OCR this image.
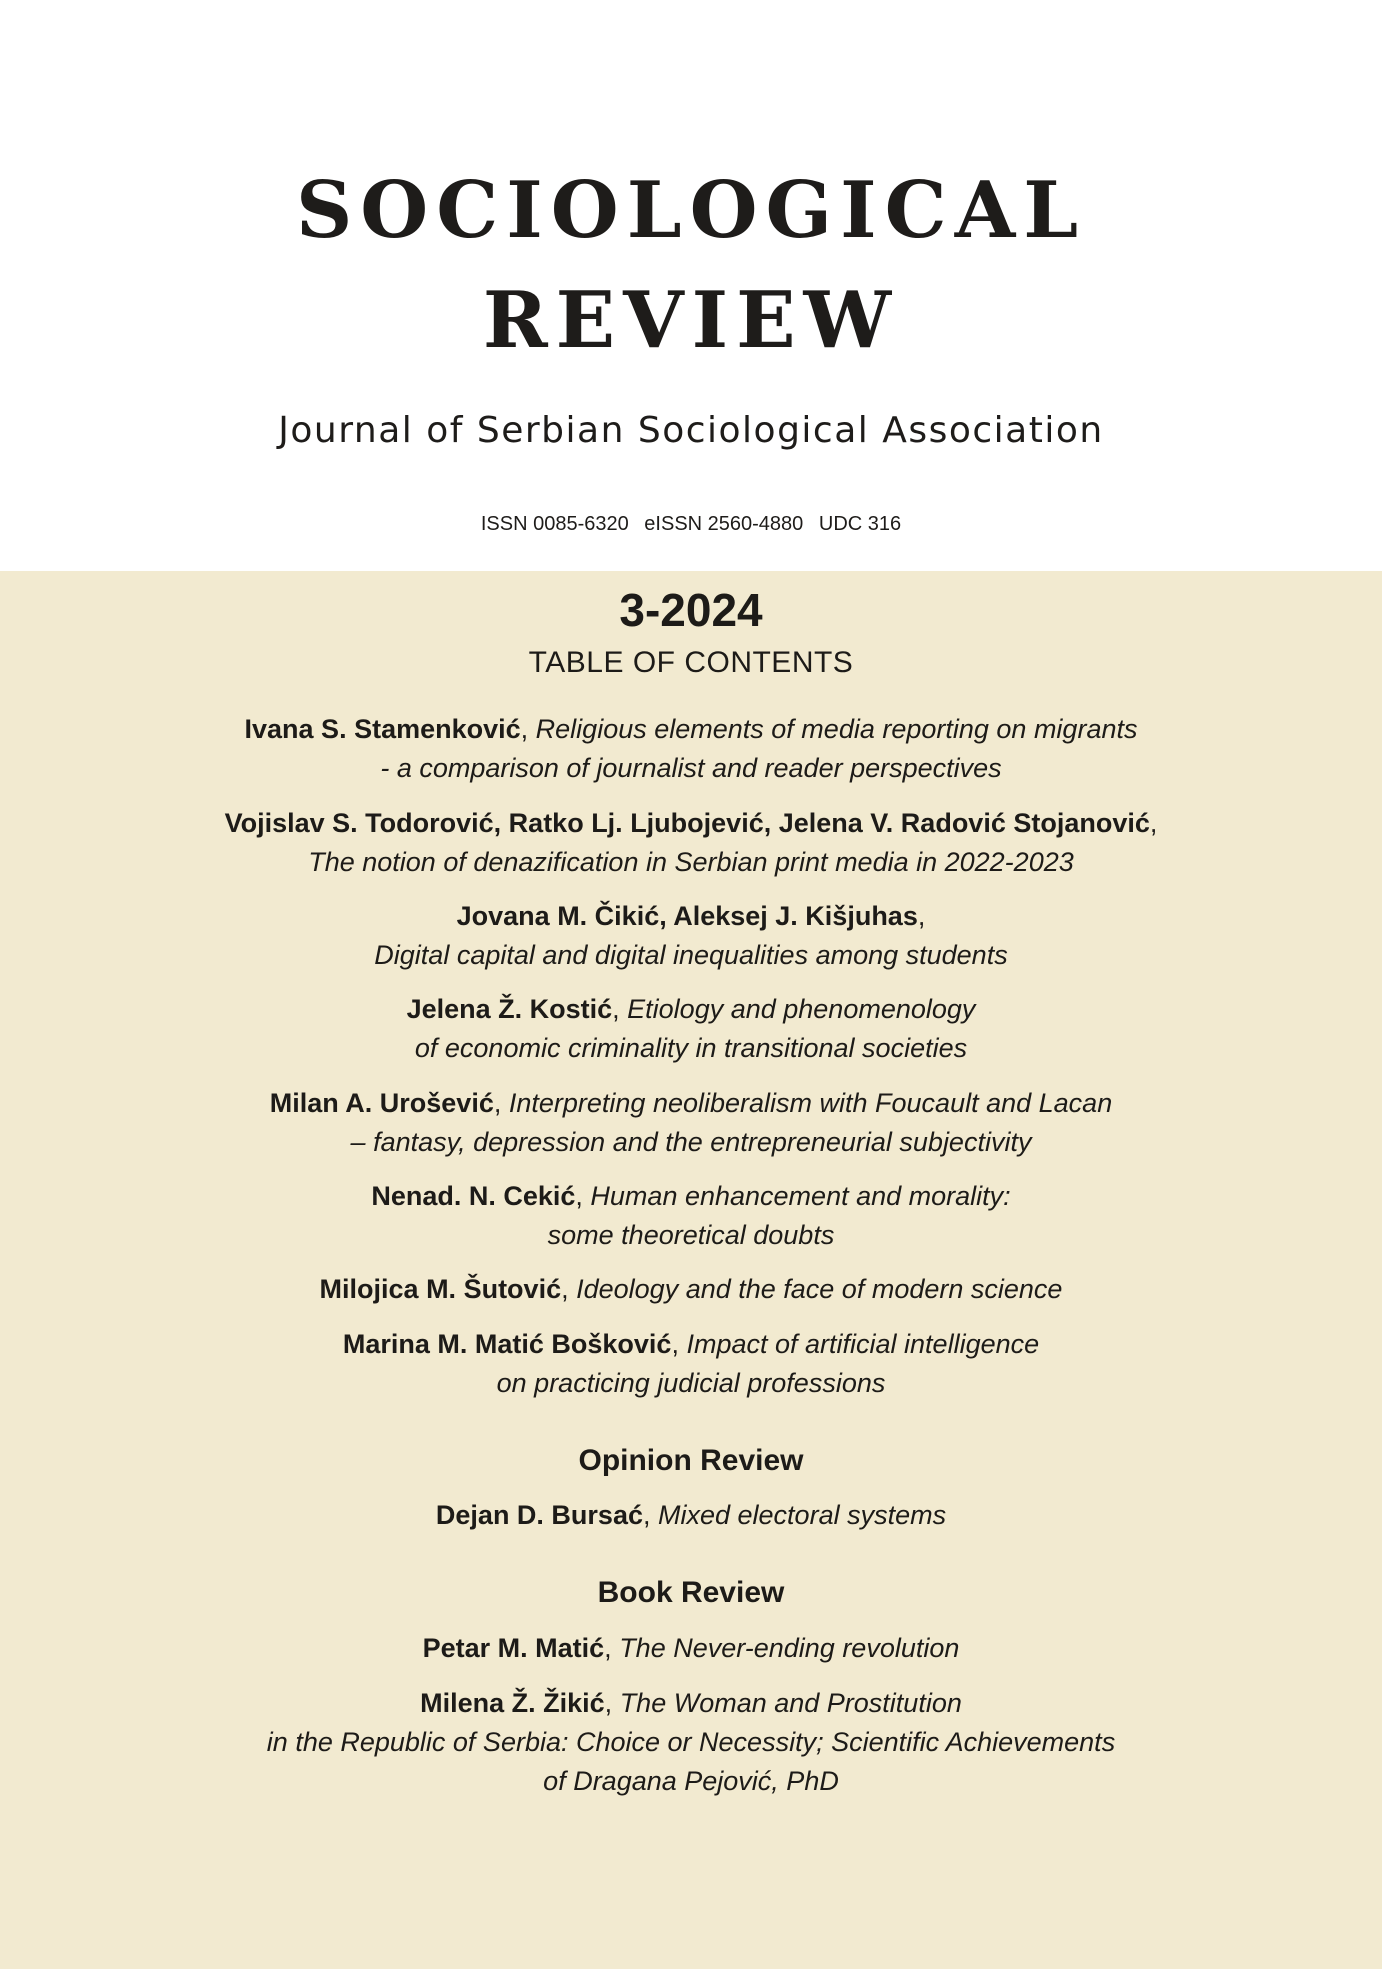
SOCIOLOGICAL
REVIEW
Journal of Serbian Sociological Association
ISSN 0085-6320 eISSN 2560-4880 UDC 316
3-2024
TABLE OF CONTENTS
Ivana S. Stamenković, Religious elements of media reporting on migrants
- a comparison of journalist and reader perspectives
Vojislav S. Todorović, Ratko Lj. Ljubojević, Jelena V. Radović Stojanović,
The notion of denazification in Serbian print media in 2022-2023
Jovana M. Čikić, Aleksej J. Kišjuhas,
Digital capital and digital inequalities among students
Jelena Ž. Kostić, Etiology and phenomenology
of economic criminality in transitional societies
Milan A. Urošević, Interpreting neoliberalism with Foucault and Lacan
– fantasy, depression and the entrepreneurial subjectivity
Nenad. N. Cekić, Human enhancement and morality:
some theoretical doubts
Milojica M. Šutović, Ideology and the face of modern science
Marina M. Matić Bošković, Impact of artificial intelligence
on practicing judicial professions
Opinion Review
Dejan D. Bursać, Mixed electoral systems
Book Review
Petar M. Matić, The Never-ending revolution
Milena Ž. Žikić, The Woman and Prostitution
in the Republic of Serbia: Choice or Necessity; Scientific Achievements
of Dragana Pejović, PhD
